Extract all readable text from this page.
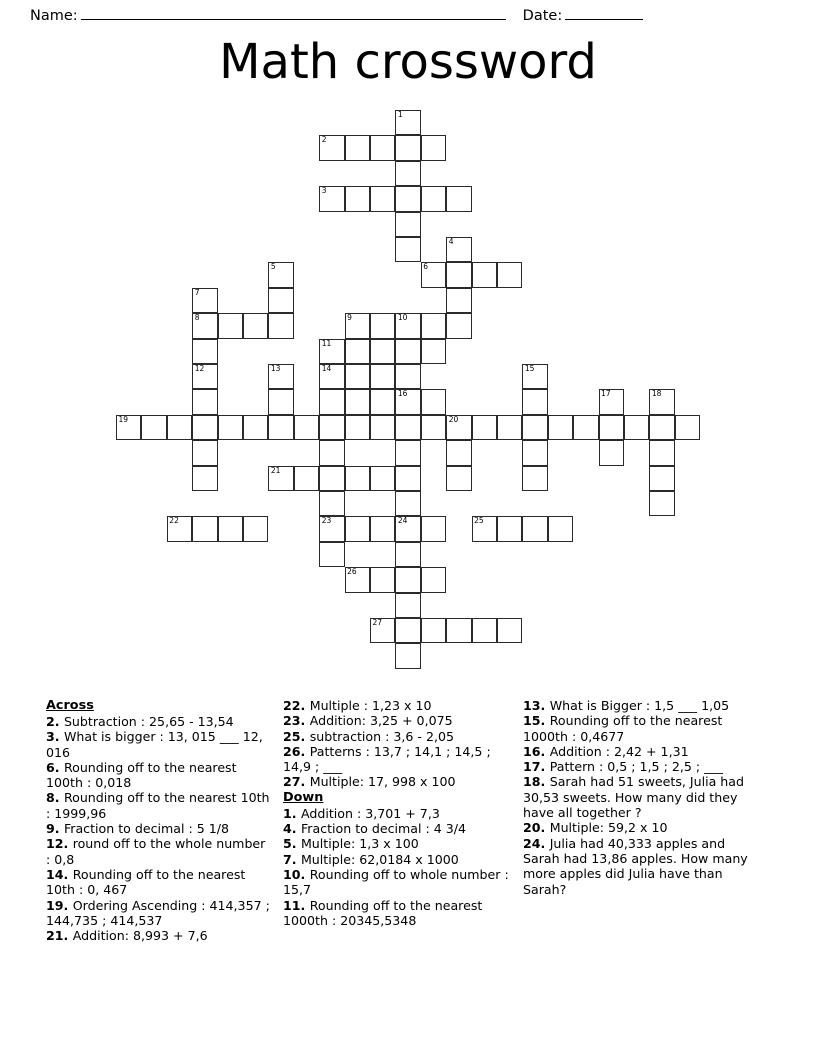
Name:	Date:
Math crossword
1
2
3
4
6
5
7
8	9	10
11
12	13	14	15
16	17	18
19	20
21
22	23	24	25
26
27
Across
2. Subtraction : 25,65 - 13,54
3. What is bigger : 13, 015 ___ 12, 016
6. Rounding off to the nearest 100th : 0,018
8. Rounding off to the nearest 10th : 1999,96
9. Fraction to decimal : 5 1/8
12. round off to the whole number : 0,8
14. Rounding off to the nearest 10th : 0, 467
19. Ordering Ascending : 414,357 ; 144,735 ; 414,537
21. Addition: 8,993 + 7,6
22. Multiple : 1,23 x 10
23. Addition: 3,25 + 0,075
25. subtraction : 3,6 - 2,05
26. Patterns : 13,7 ; 14,1 ; 14,5 ; 14,9 ; ___
27. Multiple: 17, 998 x 100
Down
1. Addition : 3,701 + 7,3
4. Fraction to decimal : 4 3/4
5. Multiple: 1,3 x 100
7. Multiple: 62,0184 x 1000
10. Rounding off to whole number : 15,7
11. Rounding off to the nearest 1000th : 20345,5348
13. What is Bigger : 1,5 ___ 1,05
15. Rounding off to the nearest 1000th : 0,4677
16. Addition : 2,42 + 1,31
17. Pattern : 0,5 ; 1,5 ; 2,5 ; ___
18. Sarah had 51 sweets, Julia had 30,53 sweets. How many did they have all together ?
20. Multiple: 59,2 x 10
24. Julia had 40,333 apples and Sarah had 13,86 apples. How many more apples did Julia have than Sarah?
